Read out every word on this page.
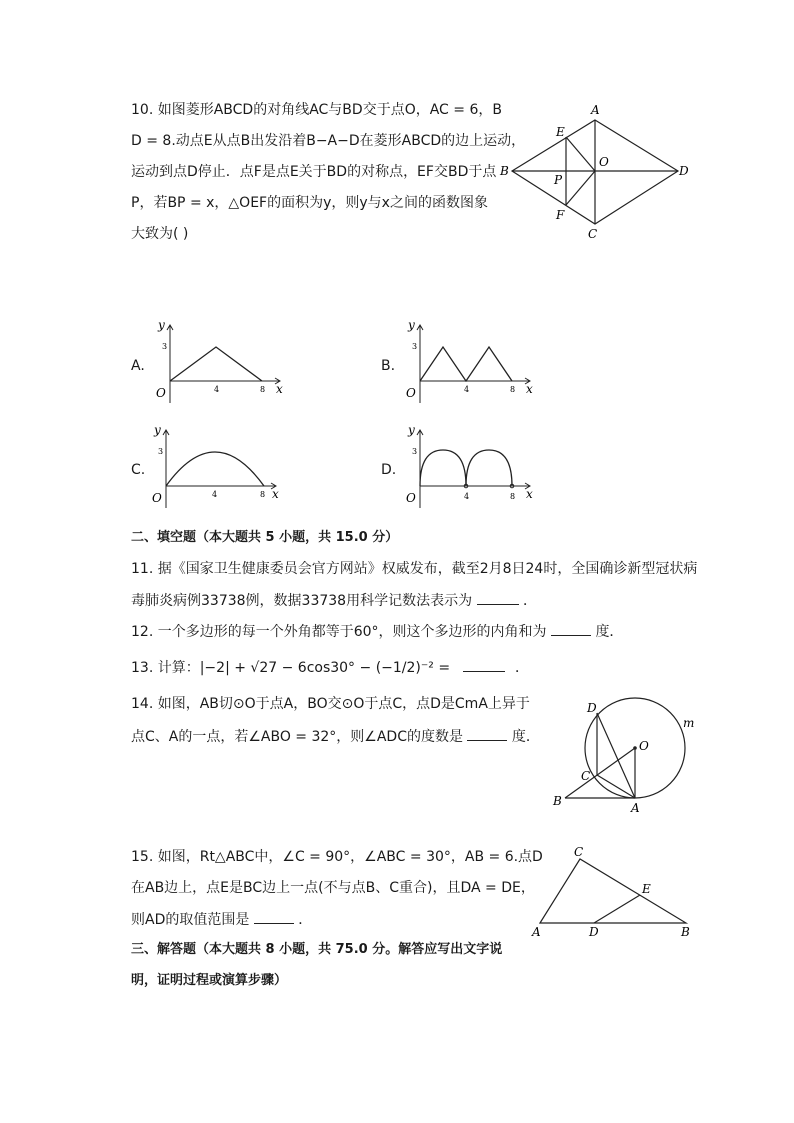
10. 如图菱形ABCD的对角线AC与BD交于点O，AC = 6，B
D = 8.动点E从点B出发沿着B−A−D在菱形ABCD的边上运动，
运动到点D停止．点F是点E关于BD的对称点，EF交BD于点
P，若BP = x，△OEF的面积为y，则y与x之间的函数图象
大致为( )
A
B
C
D
E
F
O
P
A.
y
x
O
3
4	8
B.
y
x
O
3
4	8
C.
y
x
O
3
4	8
D.
y
x
O
3
4	8
二、填空题（本大题共 5 小题，共 15.0 分）
11. 据《国家卫生健康委员会官方网站》权威发布，截至2月8日24时，全国确诊新型冠状病
毒肺炎病例33738例，数据33738用科学记数法表示为	．
12. 一个多边形的每一个外角都等于60°，则这个多边形的内角和为	度．
13. 计算：|−2| + √27 − 6cos30° − (−1/2)⁻² =	．
14. 如图，AB切⊙O于点A，BO交⊙O于点C，点D是CmA上异于
点C、A的一点，若∠ABO = 32°，则∠ADC的度数是	度．
D
m
O
C
B	A
15. 如图，Rt△ABC中，∠C = 90°，∠ABC = 30°，AB = 6.点D
在AB边上，点E是BC边上一点(不与点B、C重合)，且DA = DE，
则AD的取值范围是	．
C
E
A	D	B
三、解答题（本大题共 8 小题，共 75.0 分。解答应写出文字说
明，证明过程或演算步骤）
